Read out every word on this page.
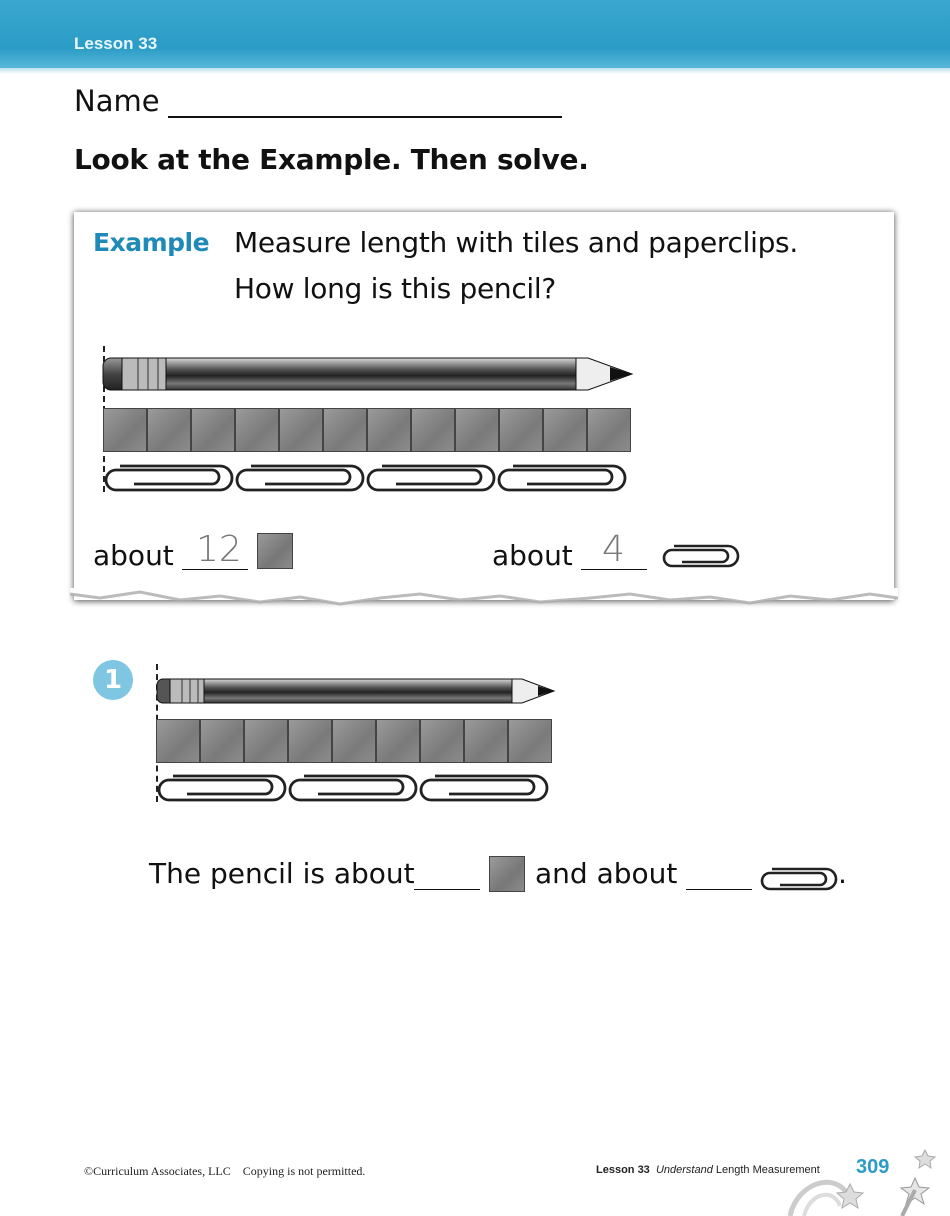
Lesson 33
Name
Look at the Example. Then solve.
Example Measure length with tiles and paperclips.
How long is this pencil?
about 12	about 4
1
The pencil is about	and about	.
©Curriculum Associates, LLC    Copying is not permitted.	Lesson 33 Understand Length Measurement 309
